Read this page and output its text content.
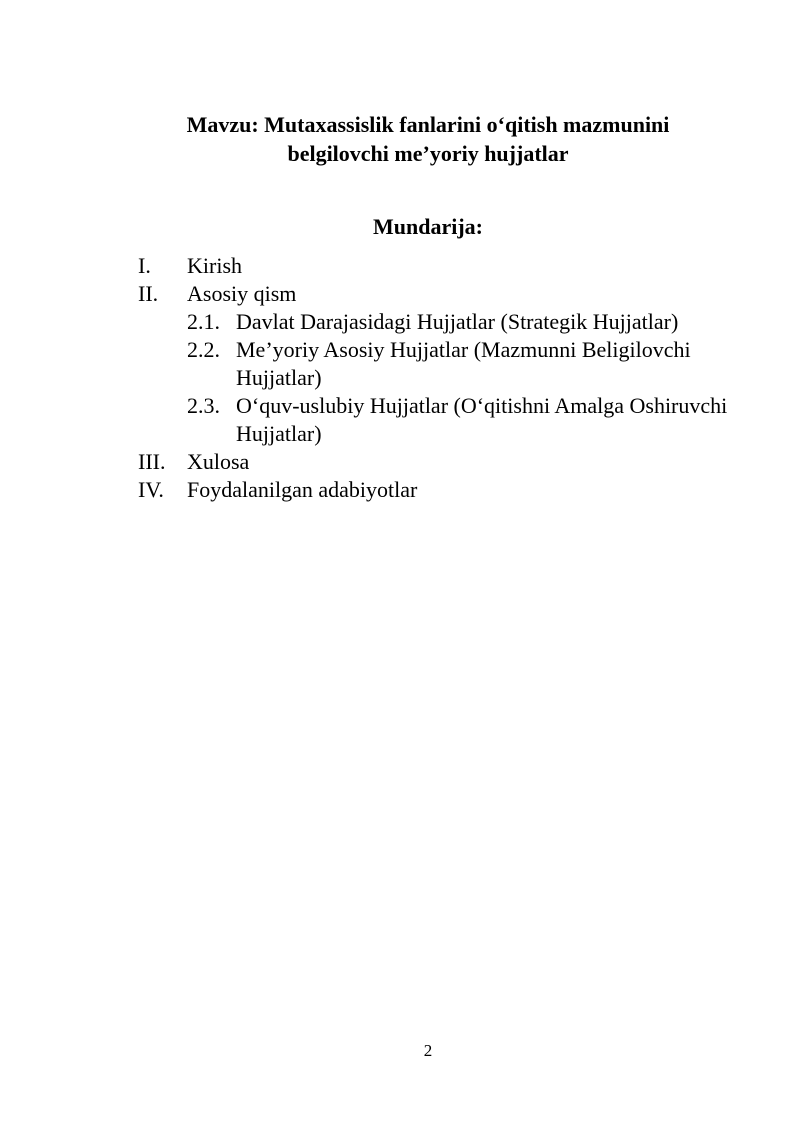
Mavzu: Mutaxassislik fanlarini o‘qitish mazmunini
belgilovchi me’yoriy hujjatlar
Mundarija:
I.	Kirish
II.	Asosiy qism
2.1. Davlat Darajasidagi Hujjatlar (Strategik Hujjatlar)
2.2. Me’yoriy Asosiy Hujjatlar (Mazmunni Beligilovchi Hujjatlar)
2.3. O‘quv-uslubiy Hujjatlar (O‘qitishni Amalga Oshiruvchi Hujjatlar)
III. Xulosa
IV.	Foydalanilgan adabiyotlar
2
